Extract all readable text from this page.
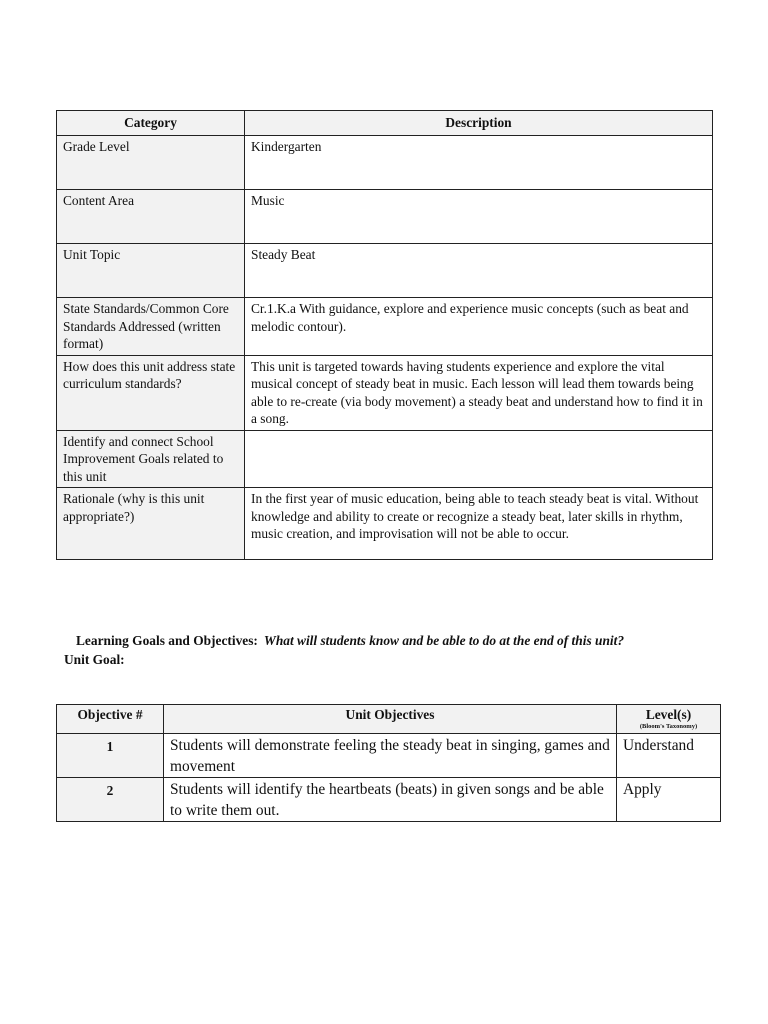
Category	Description
Grade Level	Kindergarten
Content Area	Music
Unit Topic	Steady Beat
State Standards/Common Core Standards Addressed (written format)	Cr.1.K.a With guidance, explore and experience music concepts (such as beat and melodic contour).
How does this unit address state curriculum standards?	This unit is targeted towards having students experience and explore the vital musical concept of steady beat in music. Each lesson will lead them towards being able to re-create (via body movement) a steady beat and understand how to find it in a song.
Identify and connect School Improvement Goals related to this unit	
Rationale (why is this unit appropriate?)	In the first year of music education, being able to teach steady beat is vital. Without knowledge and ability to create or recognize a steady beat, later skills in rhythm, music creation, and improvisation will not be able to occur.
Learning Goals and Objectives: What will students know and be able to do at the end of this unit?
Unit Goal:
Objective #	Unit Objectives	Level(s)
(Bloom's Taxonomy)

1	Students will demonstrate feeling the steady beat in singing, games and movement	Understand
2	Students will identify the heartbeats (beats) in given songs and be able to write them out.	Apply
